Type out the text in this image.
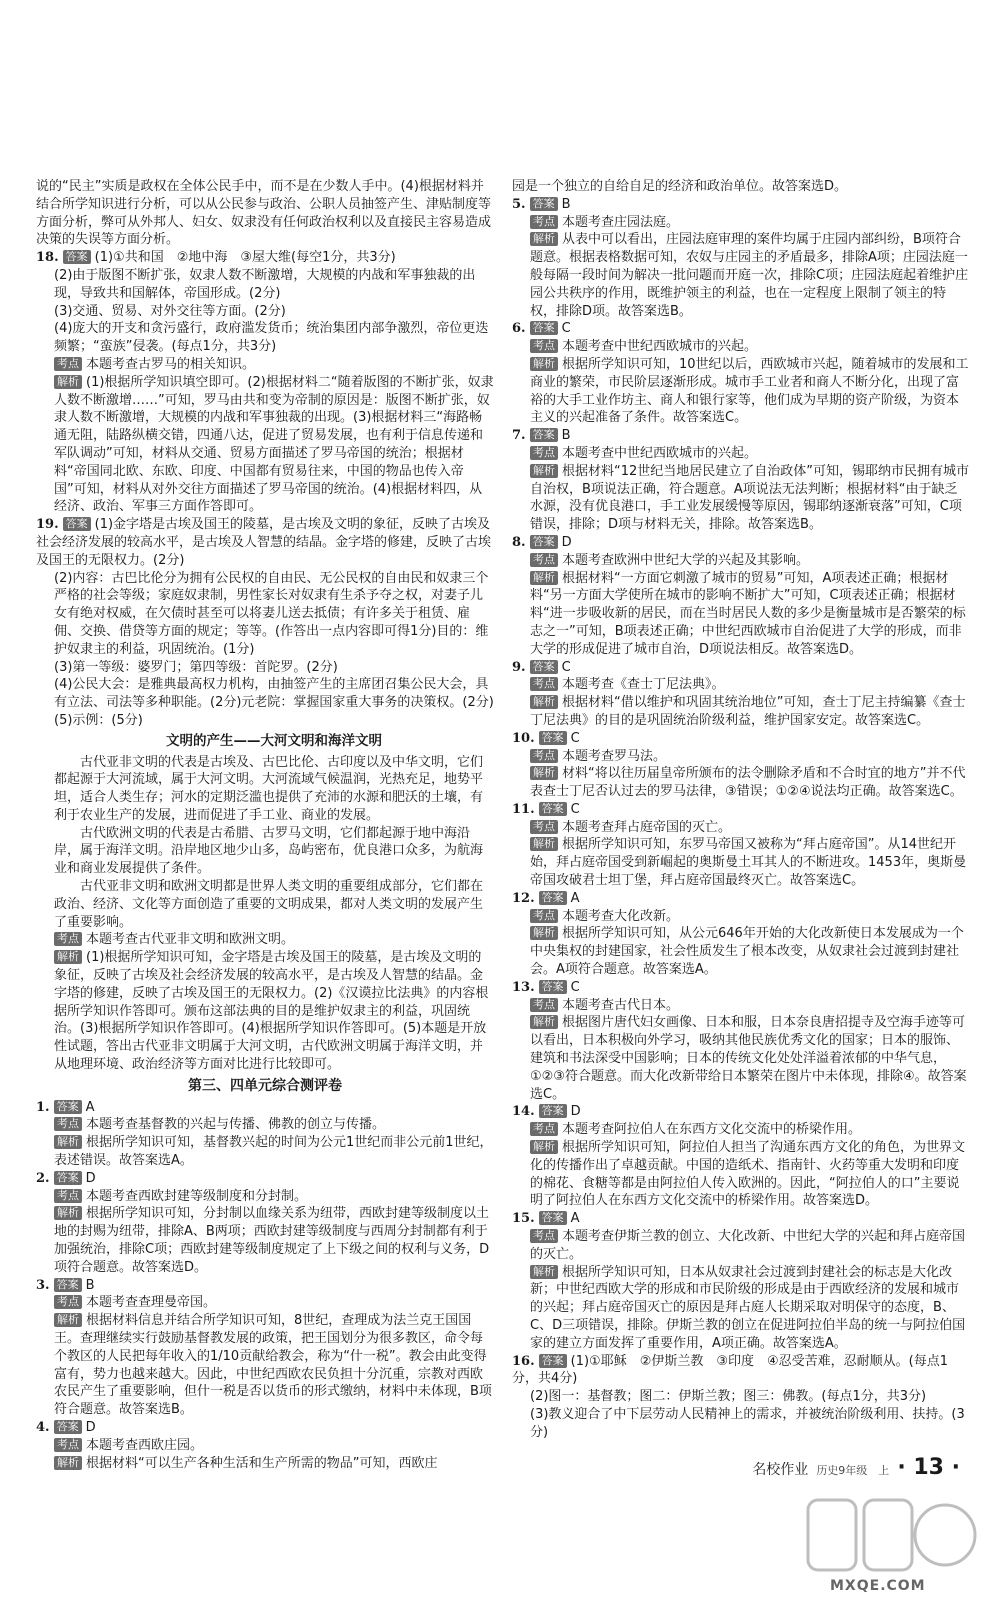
说的“民主”实质是政权在全体公民手中，而不是在少数人手中。(4)根据材料并结合所学知识进行分析，可以从公民参与政治、公职人员抽签产生、津贴制度等方面分析，弊可从外邦人、妇女、奴隶没有任何政治权利以及直接民主容易造成决策的失误等方面分析。

18. 答案 (1)①共和国　②地中海　③屋大维(每空1分，共3分)

(2)由于版图不断扩张，奴隶人数不断激增，大规模的内战和军事独裁的出现，导致共和国解体，帝国形成。(2分)

(3)交通、贸易、对外交往等方面。(2分)

(4)庞大的开支和贪污盛行，政府滥发货币；统治集团内部争激烈，帝位更迭频繁；“蛮族”侵袭。(每点1分，共3分)

考点 本题考查古罗马的相关知识。

解析 (1)根据所学知识填空即可。(2)根据材料二“随着版图的不断扩张，奴隶人数不断激增……”可知，罗马由共和变为帝制的原因是：版图不断扩张，奴隶人数不断激增，大规模的内战和军事独裁的出现。(3)根据材料三“海路畅通无阻，陆路纵横交错，四通八达，促进了贸易发展，也有利于信息传递和军队调动”可知，材料从交通、贸易方面描述了罗马帝国的统治；根据材料“帝国同北欧、东欧、印度、中国都有贸易往来，中国的物品也传入帝国”可知，材料从对外交往方面描述了罗马帝国的统治。(4)根据材料四，从经济、政治、军事三方面作答即可。

19. 答案 (1)金字塔是古埃及国王的陵墓，是古埃及文明的象征，反映了古埃及社会经济发展的较高水平，是古埃及人智慧的结晶。金字塔的修建，反映了古埃及国王的无限权力。(2分)

(2)内容：古巴比伦分为拥有公民权的自由民、无公民权的自由民和奴隶三个严格的社会等级；家庭奴隶制，男性家长对奴隶有生杀予夺之权，对妻子儿女有绝对权威，在欠债时甚至可以将妻儿送去抵债；有许多关于租赁、雇佣、交换、借贷等方面的规定；等等。(作答出一点内容即可得1分)目的：维护奴隶主的利益，巩固统治。(1分)

(3)第一等级：婆罗门；第四等级：首陀罗。(2分)

(4)公民大会：是雅典最高权力机构，由抽签产生的主席团召集公民大会，具有立法、司法等多种职能。(2分)元老院：掌握国家重大事务的决策权。(2分)

(5)示例：(5分)

文明的产生——大河文明和海洋文明

古代亚非文明的代表是古埃及、古巴比伦、古印度以及中华文明，它们都起源于大河流域，属于大河文明。大河流域气候温润，光热充足，地势平坦，适合人类生存；河水的定期泛滥也提供了充沛的水源和肥沃的土壤，有利于农业生产的发展，进而促进了手工业、商业的发展。

古代欧洲文明的代表是古希腊、古罗马文明，它们都起源于地中海沿岸，属于海洋文明。沿岸地区地少山多，岛屿密布，优良港口众多，为航海业和商业发展提供了条件。

古代亚非文明和欧洲文明都是世界人类文明的重要组成部分，它们都在政治、经济、文化等方面创造了重要的文明成果，都对人类文明的发展产生了重要影响。

考点 本题考查古代亚非文明和欧洲文明。

解析 (1)根据所学知识可知，金字塔是古埃及国王的陵墓，是古埃及文明的象征，反映了古埃及社会经济发展的较高水平，是古埃及人智慧的结晶。金字塔的修建，反映了古埃及国王的无限权力。(2)《汉谟拉比法典》的内容根据所学知识作答即可。颁布这部法典的目的是维护奴隶主的利益，巩固统治。(3)根据所学知识作答即可。(4)根据所学知识作答即可。(5)本题是开放性试题，答出古代亚非文明属于大河文明，古代欧洲文明属于海洋文明，并从地理环境、政治经济等方面对比进行比较即可。

第三、四单元综合测评卷
1. 答案 A

考点 本题考查基督教的兴起与传播、佛教的创立与传播。

解析 根据所学知识可知，基督教兴起的时间为公元1世纪而非公元前1世纪，表述错误。故答案选A。

2. 答案 D

考点 本题考查西欧封建等级制度和分封制。

解析 根据所学知识可知，分封制以血缘关系为纽带，西欧封建等级制度以土地的封赐为纽带，排除A、B两项；西欧封建等级制度与西周分封制都有利于加强统治，排除C项；西欧封建等级制度规定了上下级之间的权利与义务，D项符合题意。故答案选D。

3. 答案 B

考点 本题考查查理曼帝国。

解析 根据材料信息并结合所学知识可知，8世纪，查理成为法兰克王国国王。查理继续实行鼓励基督教发展的政策，把王国划分为很多教区，命令每个教区的人民把每年收入的1/10贡献给教会，称为“什一税”。教会由此变得富有，势力也越来越大。因此，中世纪西欧农民负担十分沉重，宗教对西欧农民产生了重要影响，但什一税是否以货币的形式缴纳，材料中未体现，B项符合题意。故答案选B。

4. 答案 D

考点 本题考查西欧庄园。

解析 根据材料“可以生产各种生活和生产所需的物品”可知，西欧庄

园是一个独立的自给自足的经济和政治单位。故答案选D。

5. 答案 B

考点 本题考查庄园法庭。

解析 从表中可以看出，庄园法庭审理的案件均属于庄园内部纠纷，B项符合题意。根据表格数据可知，农奴与庄园主的矛盾最多，排除A项；庄园法庭一般每隔一段时间为解决一批问题而开庭一次，排除C项；庄园法庭起着维护庄园公共秩序的作用，既维护领主的利益，也在一定程度上限制了领主的特权，排除D项。故答案选B。

6. 答案 C

考点 本题考查中世纪西欧城市的兴起。

解析 根据所学知识可知，10世纪以后，西欧城市兴起，随着城市的发展和工商业的繁荣，市民阶层逐渐形成。城市手工业者和商人不断分化，出现了富裕的大手工业作坊主、商人和银行家等，他们成为早期的资产阶级，为资本主义的兴起准备了条件。故答案选C。

7. 答案 B

考点 本题考查中世纪西欧城市的兴起。

解析 根据材料“12世纪当地居民建立了自治政体”可知，锡耶纳市民拥有城市自治权，B项说法正确，符合题意。A项说法无法判断；根据材料“由于缺乏水源，没有优良港口，手工业发展缓慢等原因，锡耶纳逐渐衰落”可知，C项错误，排除；D项与材料无关，排除。故答案选B。

8. 答案 D

考点 本题考查欧洲中世纪大学的兴起及其影响。

解析 根据材料“一方面它刺激了城市的贸易”可知，A项表述正确；根据材料“另一方面大学使所在城市的影响不断扩大”可知，C项表述正确；根据材料“进一步吸收新的居民，而在当时居民人数的多少是衡量城市是否繁荣的标志之一”可知，B项表述正确；中世纪西欧城市自治促进了大学的形成，而非大学的形成促进了城市自治，D项说法相反。故答案选D。

9. 答案 C

考点 本题考查《查士丁尼法典》。

解析 根据材料“借以维护和巩固其统治地位”可知，查士丁尼主持编纂《查士丁尼法典》的目的是巩固统治阶级利益，维护国家安定。故答案选C。

10. 答案 C

考点 本题考查罗马法。

解析 材料“将以往历届皇帝所颁布的法令删除矛盾和不合时宜的地方”并不代表查士丁尼否认过去的罗马法律，③错误；①②④说法均正确。故答案选C。

11. 答案 C

考点 本题考查拜占庭帝国的灭亡。

解析 根据所学知识可知，东罗马帝国又被称为“拜占庭帝国”。从14世纪开始，拜占庭帝国受到新崛起的奥斯曼土耳其人的不断进攻。1453年，奥斯曼帝国攻破君士坦丁堡，拜占庭帝国最终灭亡。故答案选C。

12. 答案 A

考点 本题考查大化改新。

解析 根据所学知识可知，从公元646年开始的大化改新使日本发展成为一个中央集权的封建国家，社会性质发生了根本改变，从奴隶社会过渡到封建社会。A项符合题意。故答案选A。

13. 答案 C

考点 本题考查古代日本。

解析 根据图片唐代妇女画像、日本和服，日本奈良唐招提寺及空海手迹等可以看出，日本积极向外学习，吸纳其他民族优秀文化的国家；日本的服饰、建筑和书法深受中国影响；日本的传统文化处处洋溢着浓郁的中华气息，①②③符合题意。而大化改新带给日本繁荣在图片中未体现，排除④。故答案选C。

14. 答案 D

考点 本题考查阿拉伯人在东西方文化交流中的桥梁作用。

解析 根据所学知识可知，阿拉伯人担当了沟通东西方文化的角色，为世界文化的传播作出了卓越贡献。中国的造纸术、指南针、火药等重大发明和印度的棉花、食糖等都是由阿拉伯人传入欧洲的。因此，“阿拉伯人的口”主要说明了阿拉伯人在东西方文化交流中的桥梁作用。故答案选D。

15. 答案 A

考点 本题考查伊斯兰教的创立、大化改新、中世纪大学的兴起和拜占庭帝国的灭亡。

解析 根据所学知识可知，日本从奴隶社会过渡到封建社会的标志是大化改新；中世纪西欧大学的形成和市民阶级的形成是由于西欧经济的发展和城市的兴起；拜占庭帝国灭亡的原因是拜占庭人长期采取对明保守的态度，B、C、D三项错误，排除。伊斯兰教的创立在促进阿拉伯半岛的统一与阿拉伯国家的建立方面发挥了重要作用，A项正确。故答案选A。

16. 答案 (1)①耶稣　②伊斯兰教　③印度　④忍受苦难，忍耐顺从。(每点1分，共4分)

(2)图一：基督教；图二：伊斯兰教；图三：佛教。(每点1分，共3分)

(3)教义迎合了中下层劳动人民精神上的需求，并被统治阶级利用、扶持。(3分)

名校作业 历史9年级　上 · 13 ·
MXQE.COM
